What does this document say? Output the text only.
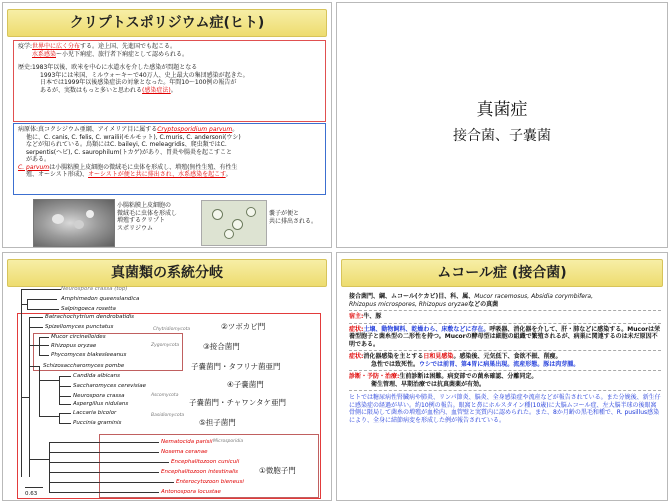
クリプトスポリジウム症(ヒト)
疫学:世界中に広く分布する。途上国、先進国でも起こる。
水系感染ー小児下痢症、旅行者下痢症として認められる。
歴史:1983年以後、欧米を中心に水道水を介した感染が問題となる
1993年には米国、ミルウォーキーで40万人、史上最大の集団感染が起きた。
日本では1999年以後感染症法の対象となった。年間10〜100例の報告が
あるが、実数はもっと多いと思われる(感染症法)。
病原体:真コクシジウム亜綱、アイメリア目に属するCryptosporidium parvum。
他に、C. canis, C. felis, C. wrailii(モルモット), C.muris, C. andersoni(ウシ)
などが知られている。鳥類にはC. baileyi, C. meleagridis、爬虫類ではC.
serpentis(ヘビ), C. saurophilum(トカゲ)があり、胃炎や腸炎を起こすこと
がある。
C. parvumは小腸粘膜上皮細胞の微絨毛に虫体を形成し、増殖(無性生殖、有性生
殖、オーシスト形成)、オーシストが便と共に排出され、水系感染を起こす。
小腸粘膜上皮細胞の
微絨毛に虫体を形成し
増殖するクリプト
スポリジウム
嚢子が便と
共に排出される。
真菌症
接合菌、子嚢菌
真菌類の系統分岐
Neurospora crassa (top)
Amphimedon queenslandica
Salpingoeca rosetta
Batrachochytrium dendrobatidis
Spizellomyces punctatus
Mucor circinelloides
Rhizopus oryzae
Phycomyces blakesleeanus
Schizosaccharomyces pombe
Candida albicans
Saccharomyces cerevisiae
Neurospora crassa
Aspergillus nidulans
Laccaria bicolor
Puccinia graminis
Nematocida parisii
Nosema ceranae
Encephalitozoon cuniculi
Encephalitozoon intestinalis
Enterocytozoon bieneusi
Antonospora locustae
Chytridiomycota
Zygomycota
Ascomycota
Basidiomycota
Microsporidia
②ツボカビ門
③接合菌門
子嚢菌門・タフリナ菌亜門
④子嚢菌門
子嚢菌門・チャワンタケ亜門
⑤担子菌門
①微胞子門
0.63
ムコール症 (接合菌)
接合菌門、綱、ムコール(ケカビ)目、科、属、Mucor racemosus, Absidia corymbifera,
Rhizopus microspores, Rhizopus oryzaeなどの真菌
宿主:牛、豚
症状:土壌、動物飼料、乾燥わら、床敷などに存在。呼吸器、消化器を介して、肝・肺などに感染する。Mucorは栄養型胞子と菌糸型の二形性を持つ。Mucorの酵母型は細胞の組織で繁殖されるが、病巣に関連するのは未だ原因不明である。
症状:消化器感染を主とする日和見感染。感染後、元気低下、食欲不振、削痩。
急性では致死性。ウシでは前胃、第4胃に病巣出現。流産形態。豚は肉芽腫。
診断・予防・治療:生前診断は困難。病変部での菌糸確認、分離同定。
衛生管理、早期治療では抗真菌薬が有効。
ヒトでは糖尿病性腎臓病や肺炎、リンパ節炎、脳炎、全身感染症や流産などが報告されている。また分娩後、新生仔に感染症の経過が早い。約10例の報告。眼窩と鼻にホルスタイン種(10歳)に大脳ムコール症、左大脳半球の後眼窩骨側に限局して菌糸の増殖が血栓内、血管壁と実質内に認められた。また、8か月齢の黒毛和種で、R. pusillus感染により、全身に結節病変を形成した例が報告されている。
